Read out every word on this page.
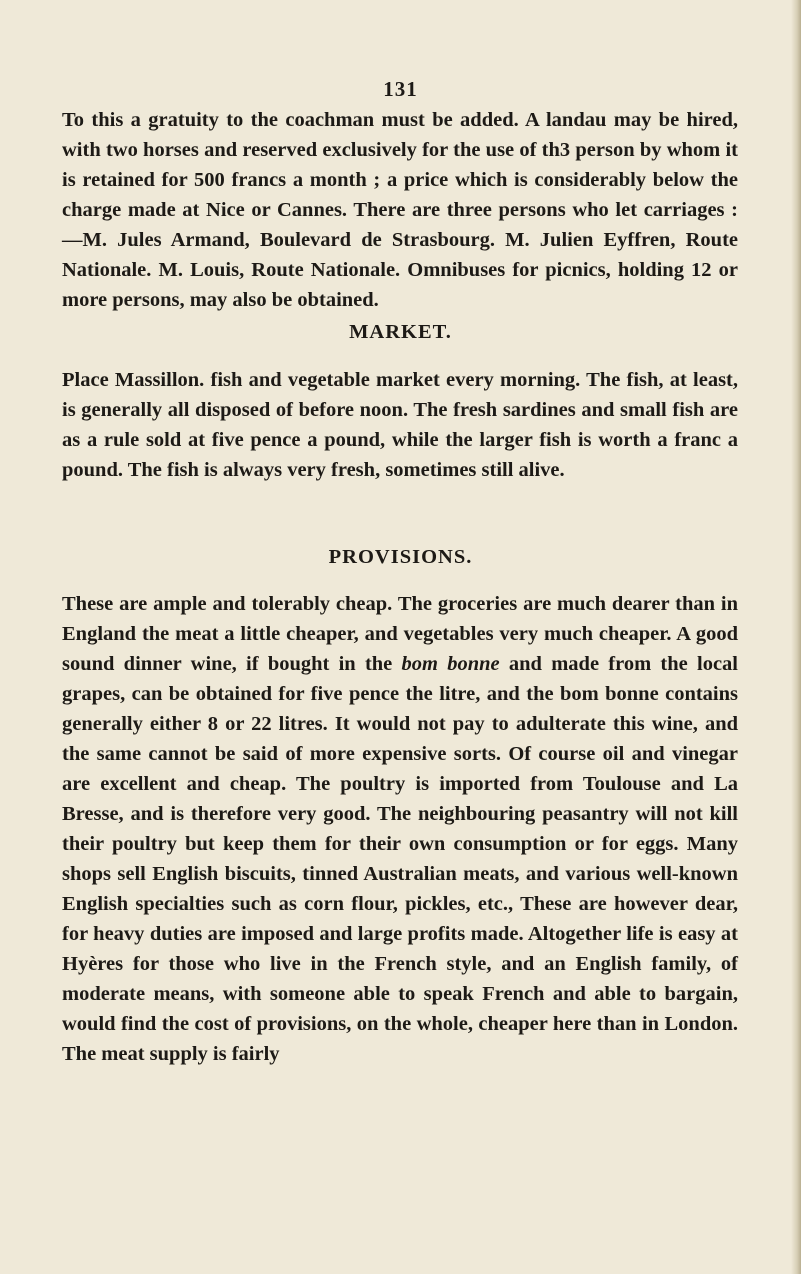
131

To this a gratuity to the coachman must be added. A landau may be hired, with two horses and reserved exclusively for the use of th3 person by whom it is retained for 500 francs a month ; a price which is considerably below the charge made at Nice or Cannes. There are three persons who let carriages :—M. Jules Armand, Boulevard de Strasbourg. M. Julien Eyffren, Route Nationale. M. Louis, Route Nationale. Omnibuses for picnics, holding 12 or more persons, may also be obtained.

MARKET.

Place Massillon. fish and vegetable market every morning. The fish, at least, is generally all disposed of before noon. The fresh sardines and small fish are as a rule sold at five pence a pound, while the larger fish is worth a franc a pound. The fish is always very fresh, sometimes still alive.

PROVISIONS.

These are ample and tolerably cheap. The groceries are much dearer than in England the meat a little cheaper, and vegetables very much cheaper. A good sound dinner wine, if bought in the bom bonne and made from the local grapes, can be obtained for five pence the litre, and the bom bonne contains generally either 8 or 22 litres. It would not pay to adulterate this wine, and the same cannot be said of more expensive sorts. Of course oil and vinegar are excellent and cheap. The poultry is imported from Toulouse and La Bresse, and is therefore very good. The neighbouring peasantry will not kill their poultry but keep them for their own consumption or for eggs. Many shops sell English biscuits, tinned Australian meats, and various well-known English specialties such as corn flour, pickles, etc., These are however dear, for heavy duties are imposed and large profits made. Altogether life is easy at Hyères for those who live in the French style, and an English family, of moderate means, with someone able to speak French and able to bargain, would find the cost of provisions, on the whole, cheaper here than in London. The meat supply is fairly
